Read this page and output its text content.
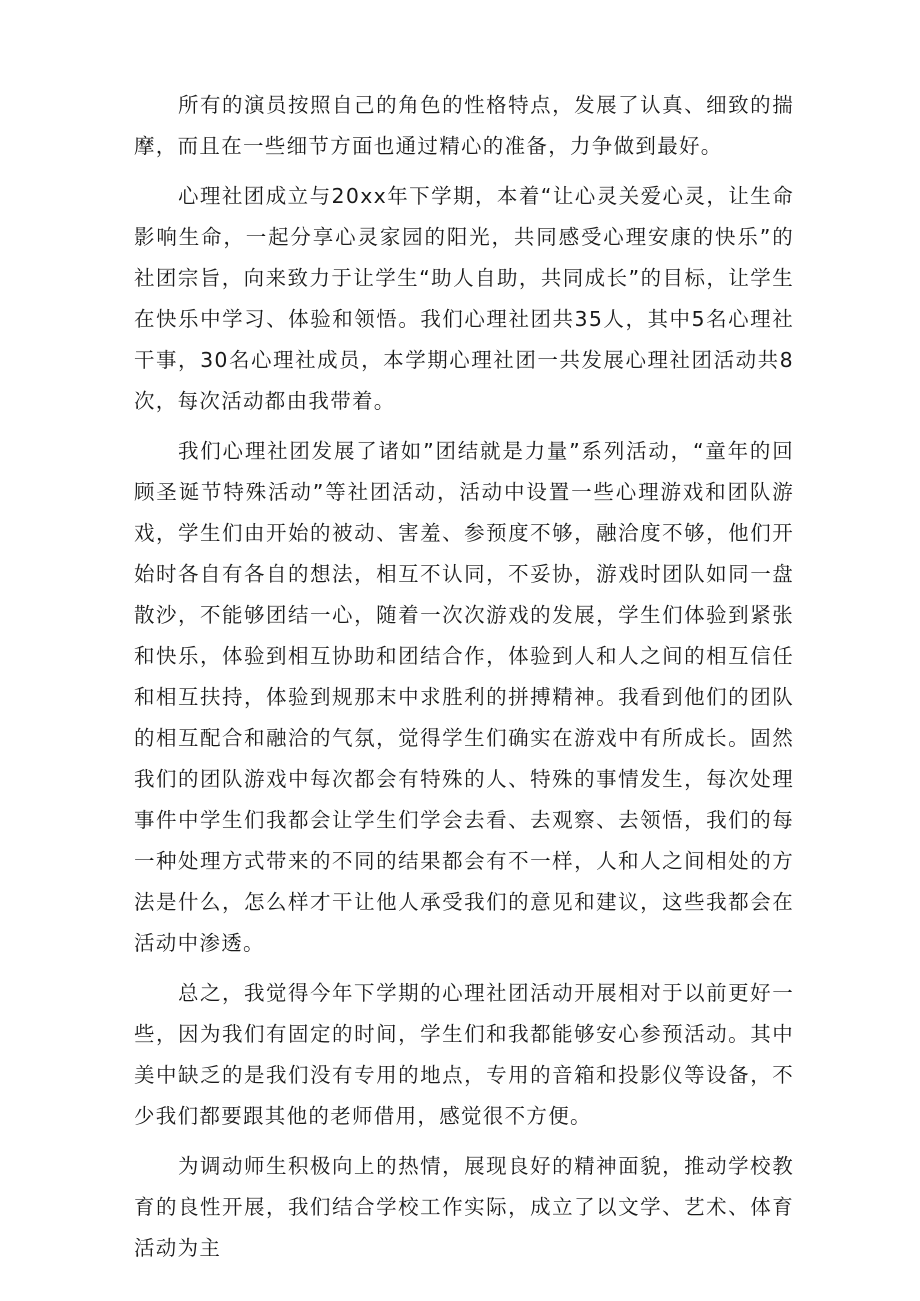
所有的演员按照自己的角色的性格特点，发展了认真、细致的揣摩，而且在一些细节方面也通过精心的准备，力争做到最好。

心理社团成立与20xx年下学期，本着“让心灵关爱心灵，让生命影响生命，一起分享心灵家园的阳光，共同感受心理安康的快乐”的社团宗旨，向来致力于让学生“助人自助，共同成长”的目标，让学生在快乐中学习、体验和领悟。我们心理社团共35人，其中5名心理社干事，30名心理社成员，本学期心理社团一共发展心理社团活动共8次，每次活动都由我带着。

我们心理社团发展了诸如”团结就是力量”系列活动，“童年的回顾圣诞节特殊活动”等社团活动，活动中设置一些心理游戏和团队游戏，学生们由开始的被动、害羞、参预度不够，融洽度不够，他们开始时各自有各自的想法，相互不认同，不妥协，游戏时团队如同一盘散沙，不能够团结一心，随着一次次游戏的发展，学生们体验到紧张和快乐，体验到相互协助和团结合作，体验到人和人之间的相互信任和相互扶持，体验到规那末中求胜利的拼搏精神。我看到他们的团队的相互配合和融洽的气氛，觉得学生们确实在游戏中有所成长。固然我们的团队游戏中每次都会有特殊的人、特殊的事情发生，每次处理事件中学生们我都会让学生们学会去看、去观察、去领悟，我们的每一种处理方式带来的不同的结果都会有不一样，人和人之间相处的方法是什么，怎么样才干让他人承受我们的意见和建议，这些我都会在活动中渗透。

总之，我觉得今年下学期的心理社团活动开展相对于以前更好一些，因为我们有固定的时间，学生们和我都能够安心参预活动。其中美中缺乏的是我们没有专用的地点，专用的音箱和投影仪等设备，不少我们都要跟其他的老师借用，感觉很不方便。

为调动师生积极向上的热情，展现良好的精神面貌，推动学校教育的良性开展，我们结合学校工作实际，成立了以文学、艺术、体育活动为主
